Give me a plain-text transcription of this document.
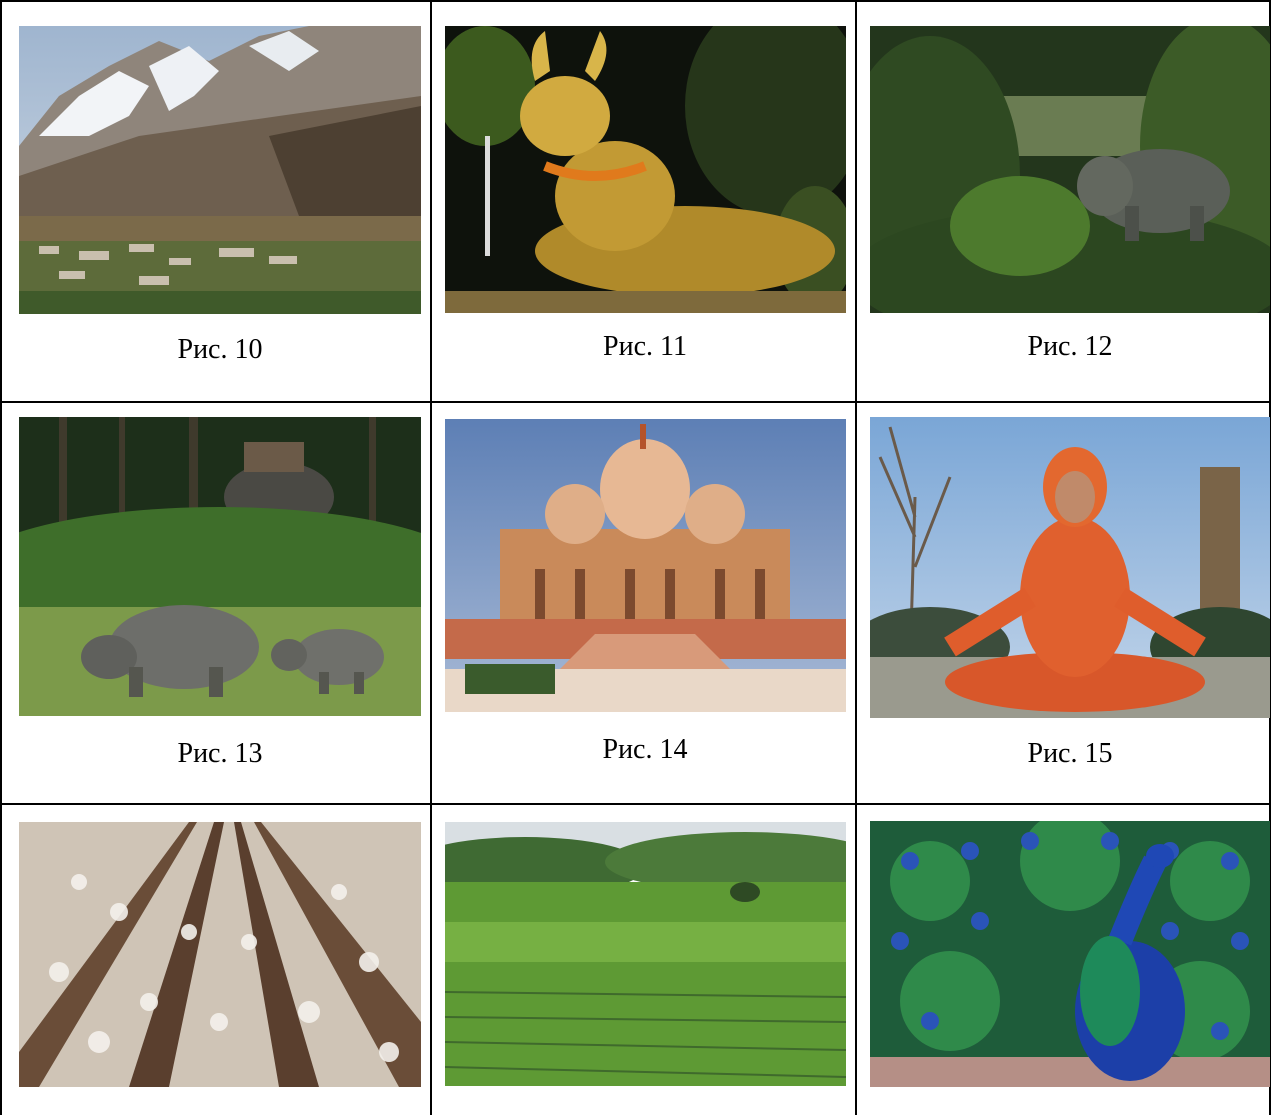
Рис. 10	Рис. 11	Рис. 12
Рис. 13	Рис. 14	Рис. 15
